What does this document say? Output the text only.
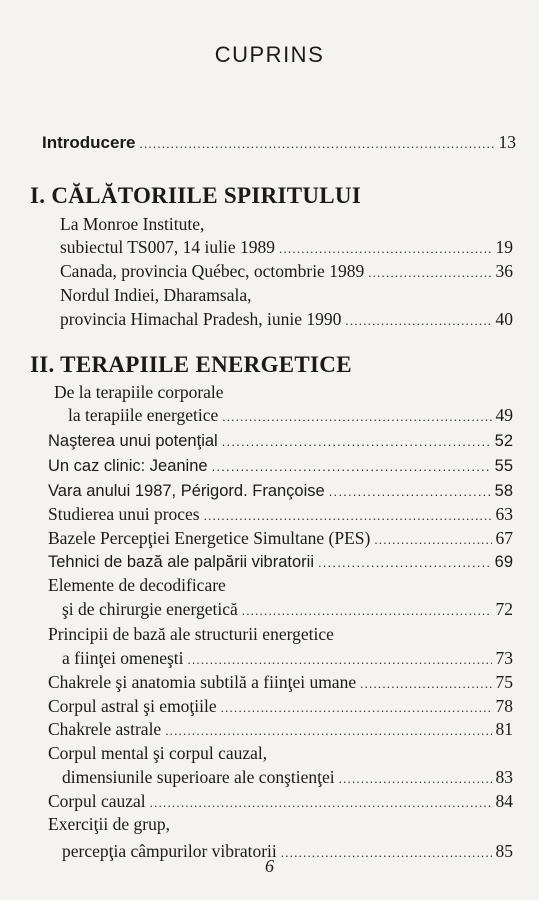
CUPRINS
Introducere .....	13
I. CĂLĂTORIILE SPIRITULUI
La Monroe Institute,
subiectul TS007, 14 iulie 1989 .....	19
Canada, provincia Québec, octombrie 1989 .....	36
Nordul Indiei, Dharamsala,
provincia Himachal Pradesh, iunie 1990 .....	40
II. TERAPIILE ENERGETICE
De la terapiile corporale
la terapiile energetice .....	49
Naşterea unui potenţial .....	52
Un caz clinic: Jeanine .....	55
Vara anului 1987, Périgord. Françoise .....	58
Studierea unui proces .....	63
Bazele Percepţiei Energetice Simultane (PES) .....	67
Tehnici de bază ale palpării vibratorii .....	69
Elemente de decodificare
şi de chirurgie energetică .....	72
Principii de bază ale structurii energetice
a fiinţei omeneşti .....	73
Chakrele şi anatomia subtilă a fiinţei umane .....	75
Corpul astral şi emoţiile .....	78
Chakrele astrale .....	81
Corpul mental şi corpul cauzal,
dimensiunile superioare ale conştienţei .....	83
Corpul cauzal .....	84
Exerciţii de grup,
percepţia câmpurilor vibratorii .....	85
6
